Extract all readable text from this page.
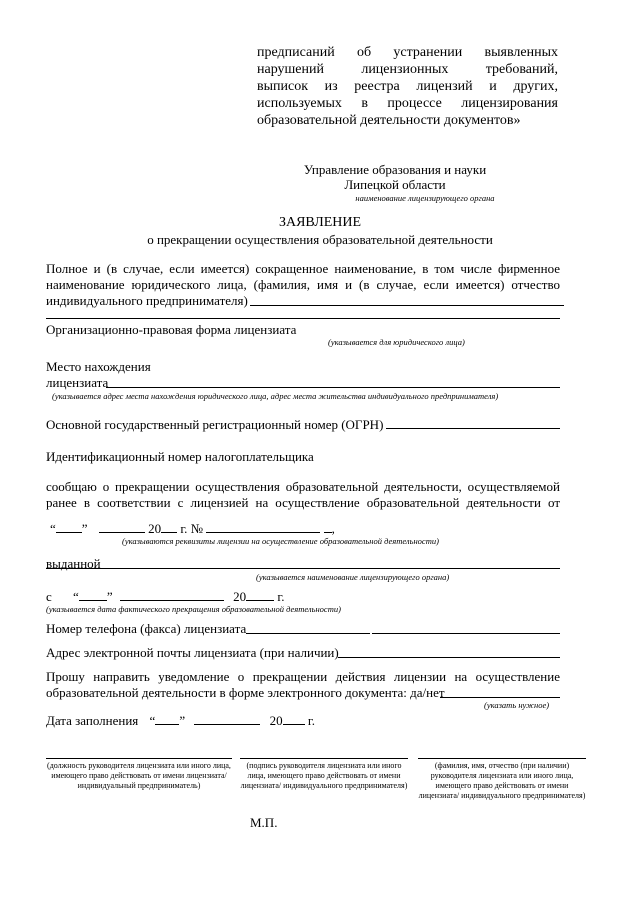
предписаний об устранении выявленных
нарушений лицензионных требований,
выписок из реестра лицензий и других,
используемых в процессе лицензирования
образовательной деятельности документов»
Управление образования и науки
Липецкой области
наименование лицензирующего органа
ЗАЯВЛЕНИЕ
о прекращении осуществления образовательной деятельности
Полное и (в случае, если имеется) сокращенное наименование, в том числе фирменное
наименование юридического лица, (фамилия, имя и (в случае, если имеется) отчество
индивидуального предпринимателя)
Организационно-правовая форма лицензиата
(указывается для юридического лица)
Место нахождения
лицензиата
(указывается адрес места нахождения юридического лица, адрес места жительства индивидуального предпринимателя)
Основной государственный регистрационный номер (ОГРН)
Идентификационный номер налогоплательщика
сообщаю о прекращении осуществления образовательной деятельности, осуществляемой
ранее в соответствии с лицензией на осуществление образовательной деятельности от
“ ”	20 г. №	,
(указываются реквизиты лицензии на осуществление образовательной деятельности)
выданной
(указывается наименование лицензирующего органа)
с “ ”	20 г.
(указывается дата фактического прекращения образовательной деятельности)
Номер телефона (факса) лицензиата
Адрес электронной почты лицензиата (при наличии)
Прошу направить уведомление о прекращении действия лицензии на осуществление
образовательной деятельности в форме электронного документа: да/нет
(указать нужное)
Дата заполнения “ ”	20 г.
(должность руководителя лицензиата или иного лица, имеющего право действовать от имени лицензиата/ индивидуальный предприниматель)
(подпись руководителя лицензиата или иного лица, имеющего право действовать от имени лицензиата/ индивидуального предпринимателя)
(фамилия, имя, отчество (при наличии) руководителя лицензиата или иного лица, имеющего право действовать от имени лицензиата/ индивидуального предпринимателя)
М.П.
